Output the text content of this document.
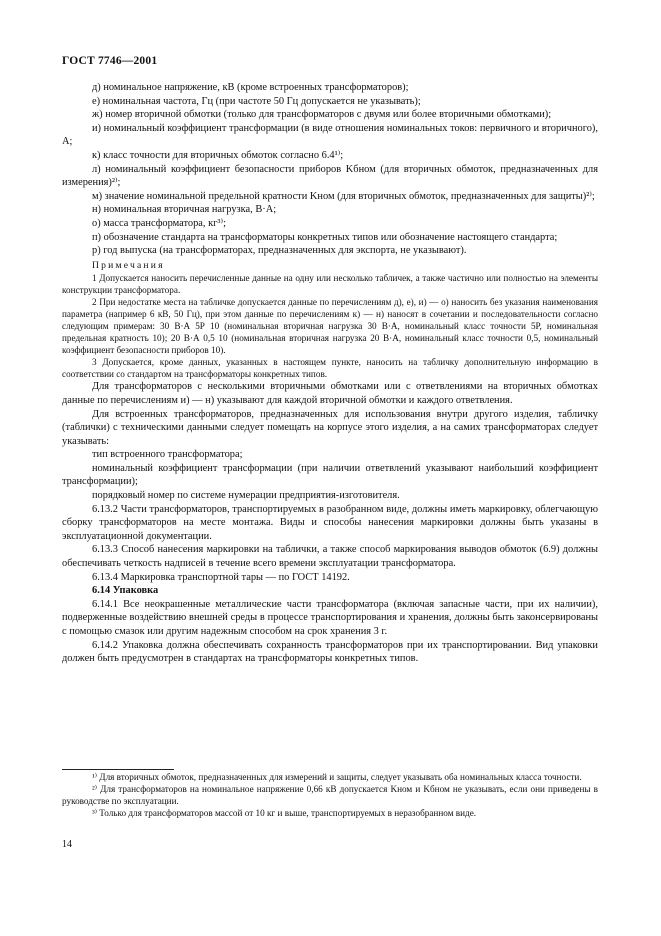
ГОСТ 7746—2001

д) номинальное напряжение, кВ (кроме встроенных трансформаторов);

е) номинальная частота, Гц (при частоте 50 Гц допускается не указывать);

ж) номер вторичной обмотки (только для трансформаторов с двумя или более вторичными обмотками);

и) номинальный коэффициент трансформации (в виде отношения номинальных токов: первичного и вторичного), А;

к) класс точности для вторичных обмоток согласно 6.4¹⁾;

л) номинальный коэффициент безопасности приборов Kбном (для вторичных обмоток, предназначенных для измерения)²⁾;

м) значение номинальной предельной кратности Kном (для вторичных обмоток, предназначенных для защиты)²⁾;

н) номинальная вторичная нагрузка, В·А;

о) масса трансформатора, кг³⁾;

п) обозначение стандарта на трансформаторы конкретных типов или обозначение настоящего стандарта;

р) год выпуска (на трансформаторах, предназначенных для экспорта, не указывают).

Примечания

1 Допускается наносить перечисленные данные на одну или несколько табличек, а также частично или полностью на элементы конструкции трансформатора.

2 При недостатке места на табличке допускается данные по перечислениям д), е), и) — о) наносить без указания наименования параметра (например 6 кВ, 50 Гц), при этом данные по перечислениям к) — н) наносят в сочетании и последовательности согласно следующим примерам: 30 В·А 5Р 10 (номинальная вторичная нагрузка 30 В·А, номинальный класс точности 5Р, номинальная предельная кратность 10); 20 В·А 0,5 10 (номинальная вторичная нагрузка 20 В·А, номинальный класс точности 0,5, номинальный коэффициент безопасности приборов 10).

3 Допускается, кроме данных, указанных в настоящем пункте, наносить на табличку дополнительную информацию в соответствии со стандартом на трансформаторы конкретных типов.

Для трансформаторов с несколькими вторичными обмотками или с ответвлениями на вторичных обмотках данные по перечислениям и) — н) указывают для каждой вторичной обмотки и каждого ответвления.

Для встроенных трансформаторов, предназначенных для использования внутри другого изделия, табличку (таблички) с техническими данными следует помещать на корпусе этого изделия, а на самих трансформаторах следует указывать:

тип встроенного трансформатора;

номинальный коэффициент трансформации (при наличии ответвлений указывают наибольший коэффициент трансформации);

порядковый номер по системе нумерации предприятия-изготовителя.

6.13.2 Части трансформаторов, транспортируемых в разобранном виде, должны иметь маркировку, облегчающую сборку трансформаторов на месте монтажа. Виды и способы нанесения маркировки должны быть указаны в эксплуатационной документации.

6.13.3 Способ нанесения маркировки на таблички, а также способ маркирования выводов обмоток (6.9) должны обеспечивать четкость надписей в течение всего времени эксплуатации трансформатора.

6.13.4 Маркировка транспортной тары — по ГОСТ 14192.

6.14 Упаковка

6.14.1 Все неокрашенные металлические части трансформатора (включая запасные части, при их наличии), подверженные воздействию внешней среды в процессе транспортирования и хранения, должны быть законсервированы с помощью смазок или другим надежным способом на срок хранения 3 г.

6.14.2 Упаковка должна обеспечивать сохранность трансформаторов при их транспортировании. Вид упаковки должен быть предусмотрен в стандартах на трансформаторы конкретных типов.

¹⁾ Для вторичных обмоток, предназначенных для измерений и защиты, следует указывать оба номинальных класса точности.

²⁾ Для трансформаторов на номинальное напряжение 0,66 кВ допускается Kном и Kбном не указывать, если они приведены в руководстве по эксплуатации.

³⁾ Только для трансформаторов массой от 10 кг и выше, транспортируемых в неразобранном виде.

14
